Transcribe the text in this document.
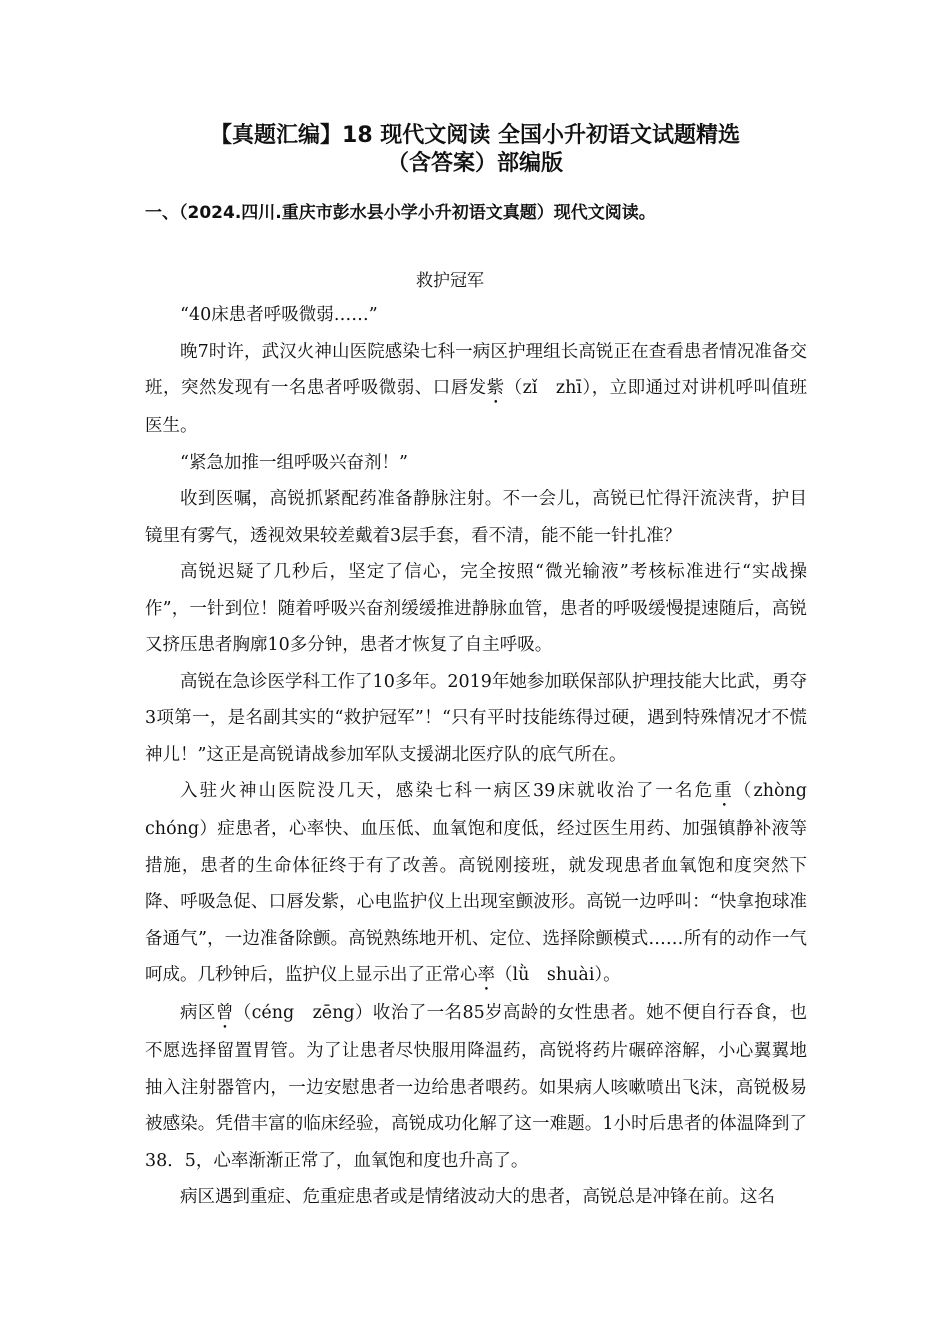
【真题汇编】18 现代文阅读 全国小升初语文试题精选
（含答案）部编版
一、（2024.四川.重庆市彭水县小学小升初语文真题）现代文阅读。
救护冠军

“40床患者呼吸微弱……”

晚7时许，武汉火神山医院感染七科一病区护理组长高锐正在查看患者情况准备交班，突然发现有一名患者呼吸微弱、口唇发紫（zǐ　zhī），立即通过对讲机呼叫值班医生。

“紧急加推一组呼吸兴奋剂！”

收到医嘱，高锐抓紧配药准备静脉注射。不一会儿，高锐已忙得汗流浃背，护目镜里有雾气，透视效果较差戴着3层手套，看不清，能不能一针扎准？

高锐迟疑了几秒后，坚定了信心，完全按照“微光输液”考核标准进行“实战操作”，一针到位！随着呼吸兴奋剂缓缓推进静脉血管，患者的呼吸缓慢提速随后，高锐又挤压患者胸廓10多分钟，患者才恢复了自主呼吸。

高锐在急诊医学科工作了10多年。2019年她参加联保部队护理技能大比武，勇夺3项第一，是名副其实的“救护冠军”！“只有平时技能练得过硬，遇到特殊情况才不慌神儿！”这正是高锐请战参加军队支援湖北医疗队的底气所在。

入驻火神山医院没几天，感染七科一病区39床就收治了一名危重（zhòng　chóng）症患者，心率快、血压低、血氧饱和度低，经过医生用药、加强镇静补液等措施，患者的生命体征终于有了改善。高锐刚接班，就发现患者血氧饱和度突然下降、呼吸急促、口唇发紫，心电监护仪上出现室颤波形。高锐一边呼叫：“快拿抱球准备通气”，一边准备除颤。高锐熟练地开机、定位、选择除颤模式……所有的动作一气呵成。几秒钟后，监护仪上显示出了正常心率（lǜ　shuài）。

病区曾（céng　zēng）收治了一名85岁高龄的女性患者。她不便自行吞食，也不愿选择留置胃管。为了让患者尽快服用降温药，高锐将药片碾碎溶解，小心翼翼地抽入注射器管内，一边安慰患者一边给患者喂药。如果病人咳嗽喷出飞沫，高锐极易被感染。凭借丰富的临床经验，高锐成功化解了这一难题。1小时后患者的体温降到了38．5，心率渐渐正常了，血氧饱和度也升高了。

病区遇到重症、危重症患者或是情绪波动大的患者，高锐总是冲锋在前。这名
